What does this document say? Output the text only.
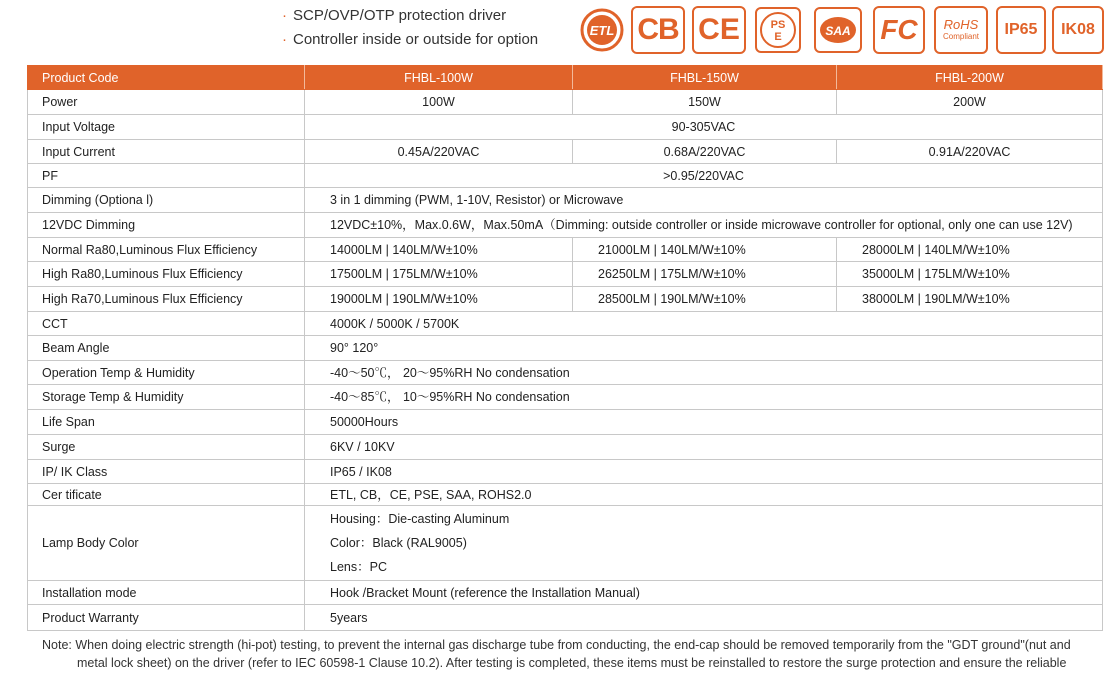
· SCP/OVP/OTP protection driver
· Controller inside or outside for option
ETL CB CE	PS
E	SAA FC RoHS
Compliant IP65 IK08
Product Code	FHBL-100W	FHBL-150W	FHBL-200W
Power	100W	150W	200W
Input Voltage	90-305VAC		
Input Current	0.45A/220VAC	0.68A/220VAC	0.91A/220VAC
PF	>0.95/220VAC		
Dimming (Optiona l)	3 in 1 dimming (PWM, 1-10V, Resistor) or Microwave		
12VDC Dimming	12VDC±10%，Max.0.6W，Max.50mA（Dimming: outside controller or inside microwave controller for optional, only one can use 12V)		
Normal Ra80,Luminous Flux Efficiency	14000LM | 140LM/W±10%	21000LM | 140LM/W±10%	28000LM | 140LM/W±10%
High Ra80,Luminous Flux Efficiency	17500LM | 175LM/W±10%	26250LM | 175LM/W±10%	35000LM | 175LM/W±10%
High Ra70,Luminous Flux Efficiency	19000LM | 190LM/W±10%	28500LM | 190LM/W±10%	38000LM | 190LM/W±10%
CCT	4000K / 5000K / 5700K		
Beam Angle	90° 120°		
Operation Temp & Humidity	-40～50℃， 20～95%RH No condensation		
Storage Temp & Humidity	-40～85℃， 10～95%RH No condensation		
Life Span	50000Hours		
Surge	6KV / 10KV		
IP/ IK Class	IP65 / IK08		
Cer tificate	ETL, CB，CE, PSE, SAA, ROHS2.0		
Lamp Body Color	Housing：Die-casting Aluminum
Color：Black (RAL9005)
Lens：PC		

Installation mode	Hook /Bracket Mount (reference the Installation Manual)		
Product Warranty	5years		
Note: When doing electric strength (hi-pot) testing, to prevent the internal gas discharge tube from conducting, the end-cap should be removed temporarily from the "GDT ground"(nut and
metal lock sheet) on the driver (refer to IEC 60598-1 Clause 10.2). After testing is completed, these items must be reinstalled to restore the surge protection and ensure the reliable
